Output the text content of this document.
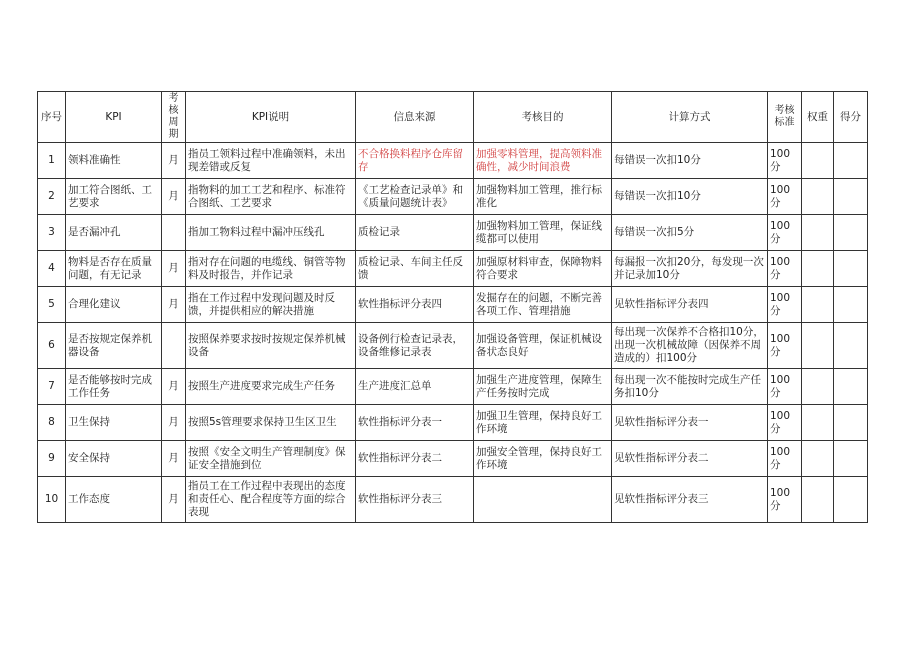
序号	KPI	考核周期	KPI说明	信息来源	考核目的	计算方式	考核标准	权重	得分
1	领料准确性	月	指员工领料过程中准确领料，未出现差错或反复	不合格换料程序仓库留存	加强零料管理，提高领料准确性，减少时间浪费	每错误一次扣10分	100分		
2	加工符合图纸、工艺要求	月	指物料的加工工艺和程序、标准符合图纸、工艺要求	《工艺检查记录单》和《质量问题统计表》	加强物料加工管理，推行标准化	每错误一次扣10分	100分		
3	是否漏冲孔		指加工物料过程中漏冲压线孔	质检记录	加强物料加工管理，保证线缆都可以使用	每错误一次扣5分	100分		
4	物料是否存在质量问题，有无记录	月	指对存在问题的电缆线、铜管等物料及时报告，并作记录	质检记录、车间主任反馈	加强原材料审查，保障物料符合要求	每漏报一次扣20分，每发现一次并记录加10分	100分		
5	合理化建议	月	指在工作过程中发现问题及时反馈，并提供相应的解决措施	软性指标评分表四	发掘存在的问题，不断完善各项工作、管理措施	见软性指标评分表四	100分		
6	是否按规定保养机器设备		按照保养要求按时按规定保养机械设备	设备例行检查记录表，设备维修记录表	加强设备管理，保证机械设备状态良好	每出现一次保养不合格扣10分，出现一次机械故障（因保养不周造成的）扣100分	100分		
7	是否能够按时完成工作任务	月	按照生产进度要求完成生产任务	生产进度汇总单	加强生产进度管理，保障生产任务按时完成	每出现一次不能按时完成生产任务扣10分	100分		
8	卫生保持	月	按照5s管理要求保持卫生区卫生	软性指标评分表一	加强卫生管理，保持良好工作环境	见软性指标评分表一	100分		
9	安全保持	月	按照《安全文明生产管理制度》保证安全措施到位	软性指标评分表二	加强安全管理，保持良好工作环境	见软性指标评分表二	100分		
10	工作态度	月	指员工在工作过程中表现出的态度和责任心、配合程度等方面的综合表现	软性指标评分表三		见软性指标评分表三	100分		
